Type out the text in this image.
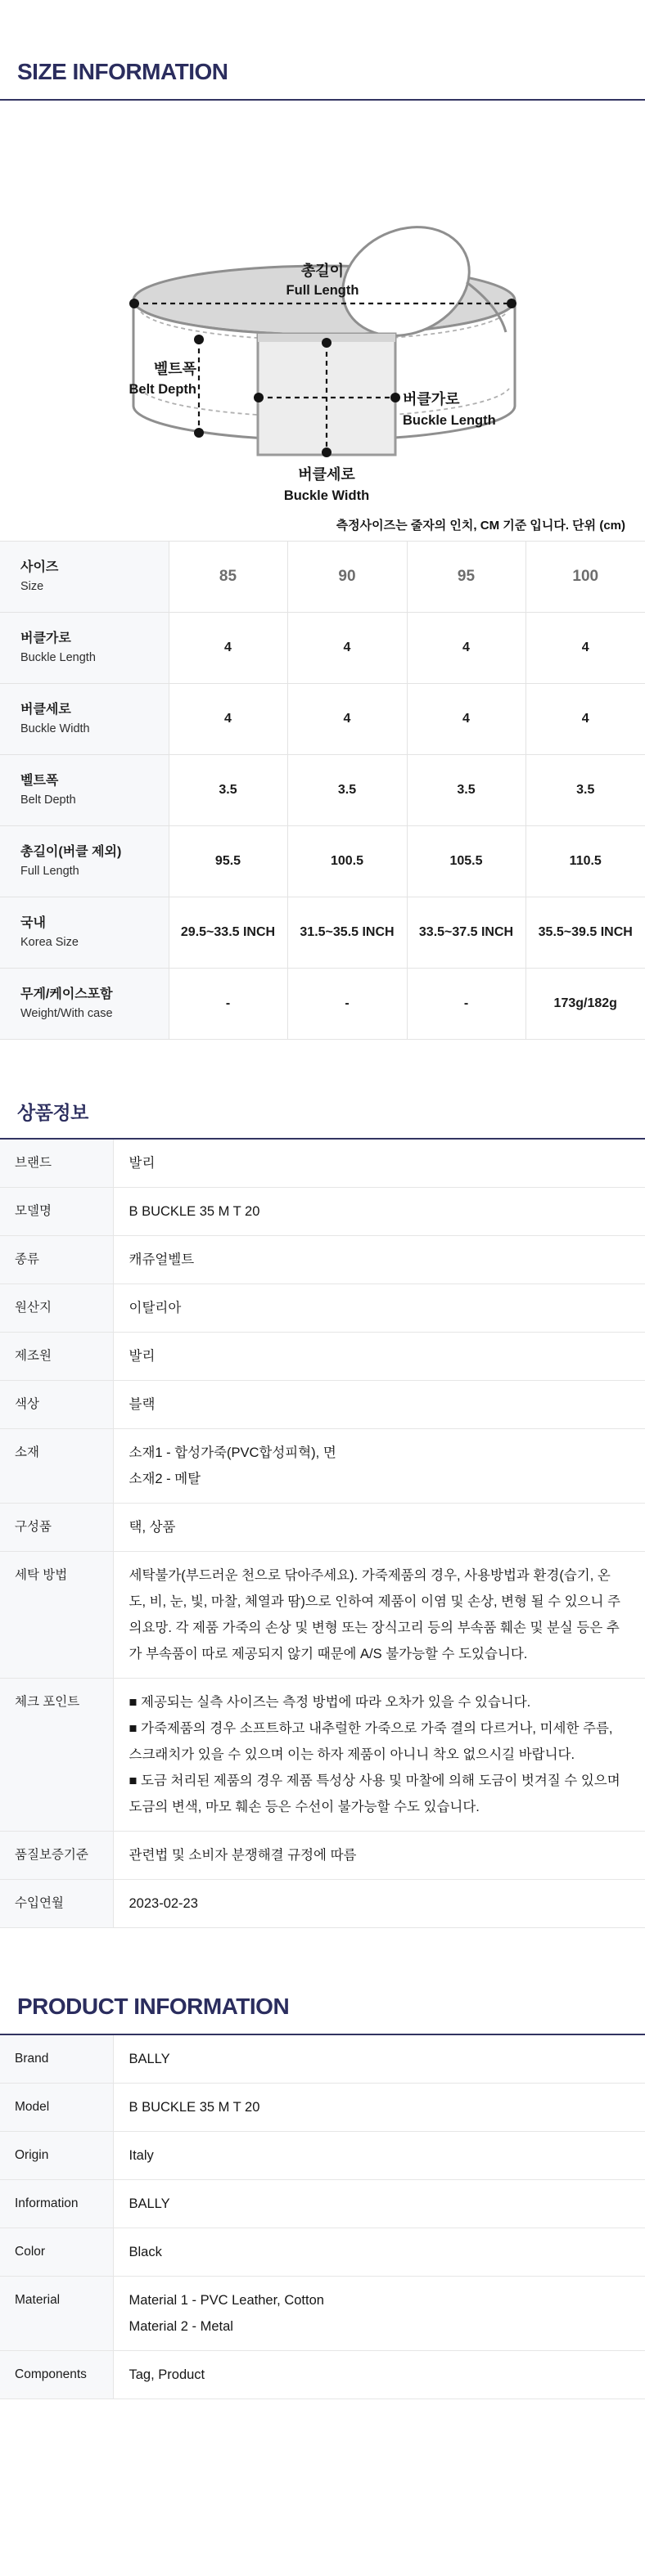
SIZE INFORMATION
총길이
Full Length
벨트폭
Belt Depth
버클가로
Buckle Length
버클세로
Buckle Width
측정사이즈는 줄자의 인치, CM 기준 입니다. 단위 (cm)
사이즈
Size	85	90	95	100

버클가로
Buckle Length	4	4	4	4

버클세로
Buckle Width	4	4	4	4

벨트폭
Belt Depth	3.5	3.5	3.5	3.5

총길이(버클 제외)
Full Length	95.5	100.5	105.5	110.5

국내
Korea Size	29.5~33.5 INCH	31.5~35.5 INCH	33.5~37.5 INCH	35.5~39.5 INCH

무게/케이스포함
Weight/With case	-	-	-	173g/182g
상품정보
브랜드	발리

모델명	B BUCKLE 35 M T 20

종류	캐쥬얼벨트

원산지	이탈리아

제조원	발리

색상	블랙

소재	소재1 - 합성가죽(PVC합성피혁), 면
소재2 - 메탈

구성품	택, 상품

세탁 방법	세탁불가(부드러운 천으로 닦아주세요). 가죽제품의 경우, 사용방법과 환경(습기, 온도, 비, 눈, 빛, 마찰, 체열과 땀)으로 인하여 제품이 이염 및 손상, 변형 될 수 있으니 주의요망. 각 제품 가죽의 손상 및 변형 또는 장식고리 등의 부속품 훼손 및 분실 등은 추가 부속품이 따로 제공되지 않기 때문에 A/S 불가능할 수 도있습니다.

체크 포인트	■ 제공되는 실측 사이즈는 측정 방법에 따라 오차가 있을 수 있습니다.
■ 가죽제품의 경우 소프트하고 내추럴한 가죽으로 가죽 결의 다르거나, 미세한 주름, 스크래치가 있을 수 있으며 이는 하자 제품이 아니니 착오 없으시길 바랍니다.
■ 도금 처리된 제품의 경우 제품 특성상 사용 및 마찰에 의해 도금이 벗겨질 수 있으며 도금의 변색, 마모 훼손 등은 수선이 불가능할 수도 있습니다.

품질보증기준	관련법 및 소비자 분쟁해결 규정에 따름

수입연월	2023-02-23
PRODUCT INFORMATION
Brand	BALLY

Model	B BUCKLE 35 M T 20

Origin	Italy

Information	BALLY

Color	Black

Material	Material 1 - PVC Leather, Cotton
Material 2 - Metal

Components	Tag, Product
